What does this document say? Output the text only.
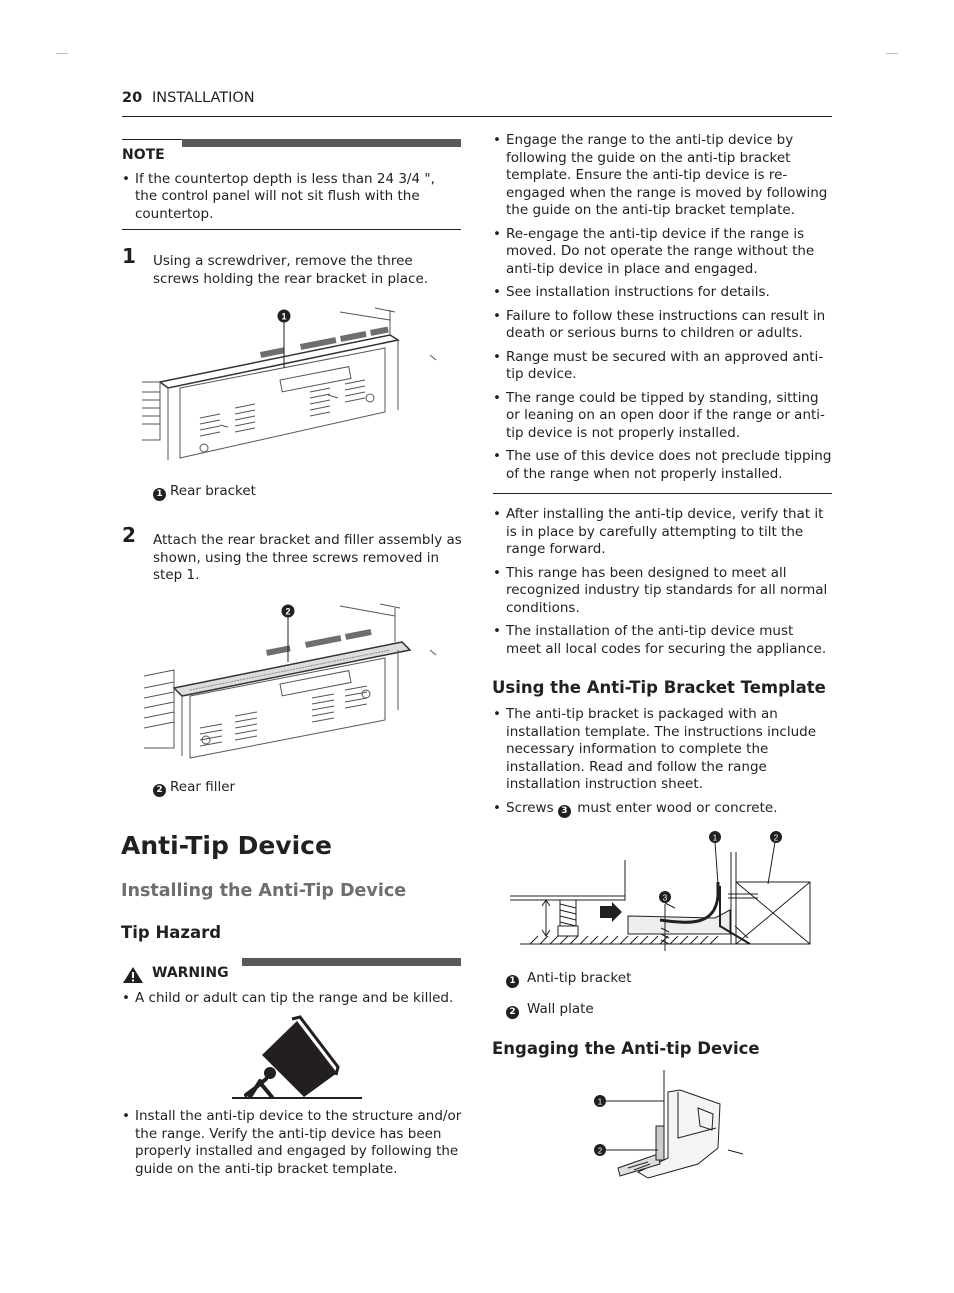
20 INSTALLATION
NOTE
• If the countertop depth is less than 24 3/4 ", the control panel will not sit flush with the countertop.
1 Using a screwdriver, remove the three screws holding the rear bracket in place.
1
1 Rear bracket
2 Attach the rear bracket and filler assembly as shown, using the three screws removed in step 1.
2
2 Rear filler
Anti-Tip Device
Installing the Anti-Tip Device
Tip Hazard
WARNING
• A child or adult can tip the range and be killed.
• Install the anti-tip device to the structure and/or the range. Verify the anti-tip device has been properly installed and engaged by following the guide on the anti-tip bracket template.
• Engage the range to the anti-tip device by following the guide on the anti-tip bracket template. Ensure the anti-tip device is re-engaged when the range is moved by following the guide on the anti-tip bracket template.
• Re-engage the anti-tip device if the range is moved. Do not operate the range without the anti-tip device in place and engaged.
• See installation instructions for details.
• Failure to follow these instructions can result in death or serious burns to children or adults.
• Range must be secured with an approved anti-tip device.
• The range could be tipped by standing, sitting or leaning on an open door if the range or anti-tip device is not properly installed.
• The use of this device does not preclude tipping of the range when not properly installed.
• After installing the anti-tip device, verify that it is in place by carefully attempting to tilt the range forward.
• This range has been designed to meet all recognized industry tip standards for all normal conditions.
• The installation of the anti-tip device must meet all local codes for securing the appliance.
Using the Anti-Tip Bracket Template
• The anti-tip bracket is packaged with an installation template. The instructions include necessary information to complete the installation. Read and follow the range installation instruction sheet.
• Screws 3 must enter wood or concrete.
1	2
3
1 Anti-tip bracket
2 Wall plate
Engaging the Anti-tip Device
1
2
